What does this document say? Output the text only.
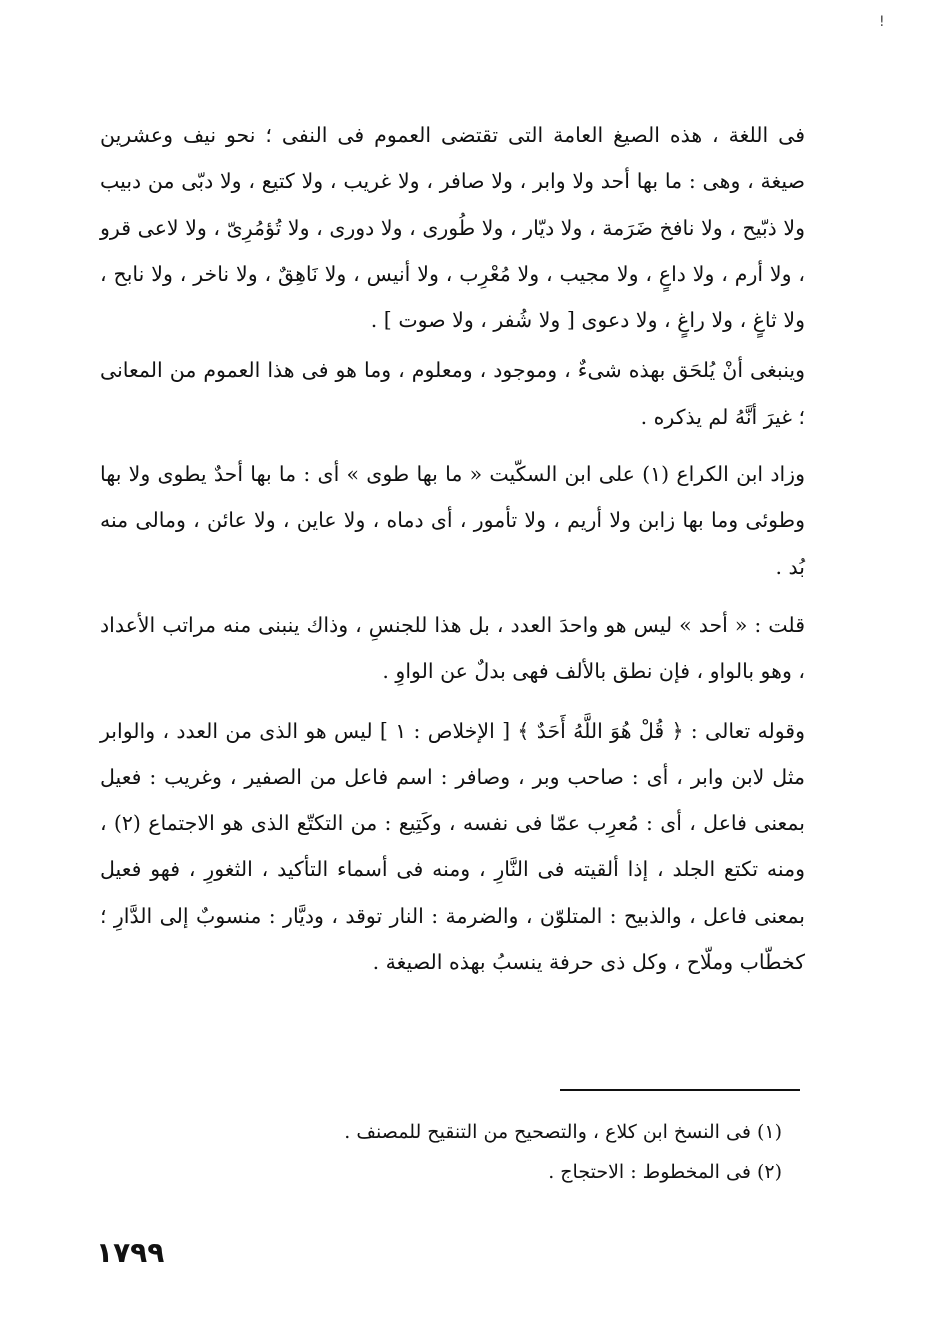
!

فى اللغة ، هذه الصيغ العامة التى تقتضى العموم فى النفى ؛ نحو نيف وعشرين صيغة ، وهى : ما بها أحد ولا وابر ، ولا صافر ، ولا غريب ، ولا كتيع ، ولا دبّى من دبيب ولا ذبّيح ، ولا نافخ ضَرَمة ، ولا ديّار ، ولا طُورى ، ولا دورى ، ولا تُؤمُرِىّ ، ولا لاعى قرو ، ولا أرم ، ولا داعٍ ، ولا مجيب ، ولا مُعْرِب ، ولا أنيس ، ولا نَاهِقٌ ، ولا ناخر ، ولا نابح ، ولا ثاغٍ ، ولا راغٍ ، ولا دعوى [ ولا شُفر ، ولا صوت ] .

وينبغى أنْ يُلحَق بهذه شىءٌ ، وموجود ، ومعلوم ، وما هو فى هذا العموم من المعانى ؛ غيرَ أنَّهُ لم يذكره .

وزاد ابن الكراع (١) على ابن السكّيت « ما بها طوى » أى : ما بها أحدٌ يطوى ولا بها وطوئى وما بها زابن ولا أريم ، ولا تأمور ، أى دماه ، ولا عاين ، ولا عائن ، ومالى منه بُد .

قلت : « أحد » ليس هو واحدَ العدد ، بل هذا للجنسِ ، وذاك ينبنى منه مراتب الأعداد ، وهو بالواو ، فإن نطق بالألف فهى بدلٌ عن الواوِ .

وقوله تعالى : ﴿ قُلْ هُوَ اللَّهُ أَحَدٌ ﴾ [ الإخلاص : ١ ] ليس هو الذى من العدد ، والوابر مثل لابن وابر ، أى : صاحب وبر ، وصافر : اسم فاعل من الصفير ، وغريب : فعيل بمعنى فاعل ، أى : مُعرِب عمّا فى نفسه ، وكَتِيع : من التكتّع الذى هو الاجتماع (٢) ، ومنه تكتع الجلد ، إذا ألقيته فى النَّارِ ، ومنه فى أسماء التأكيد ، الثغورِ ، فهو فعيل بمعنى فاعل ، والذبيح : المتلوّن ، والضرمة : النار توقد ، وديَّار : منسوبٌ إلى الدَّارِ ؛ كخطّاب وملّاح ، وكل ذى حرفة ينسبُ بهذه الصيغة .

(١) فى النسخ ابن كلاع ، والتصحيح من التنقيح للمصنف .

(٢) فى المخطوط : الاحتجاج .

١٧٩٩
